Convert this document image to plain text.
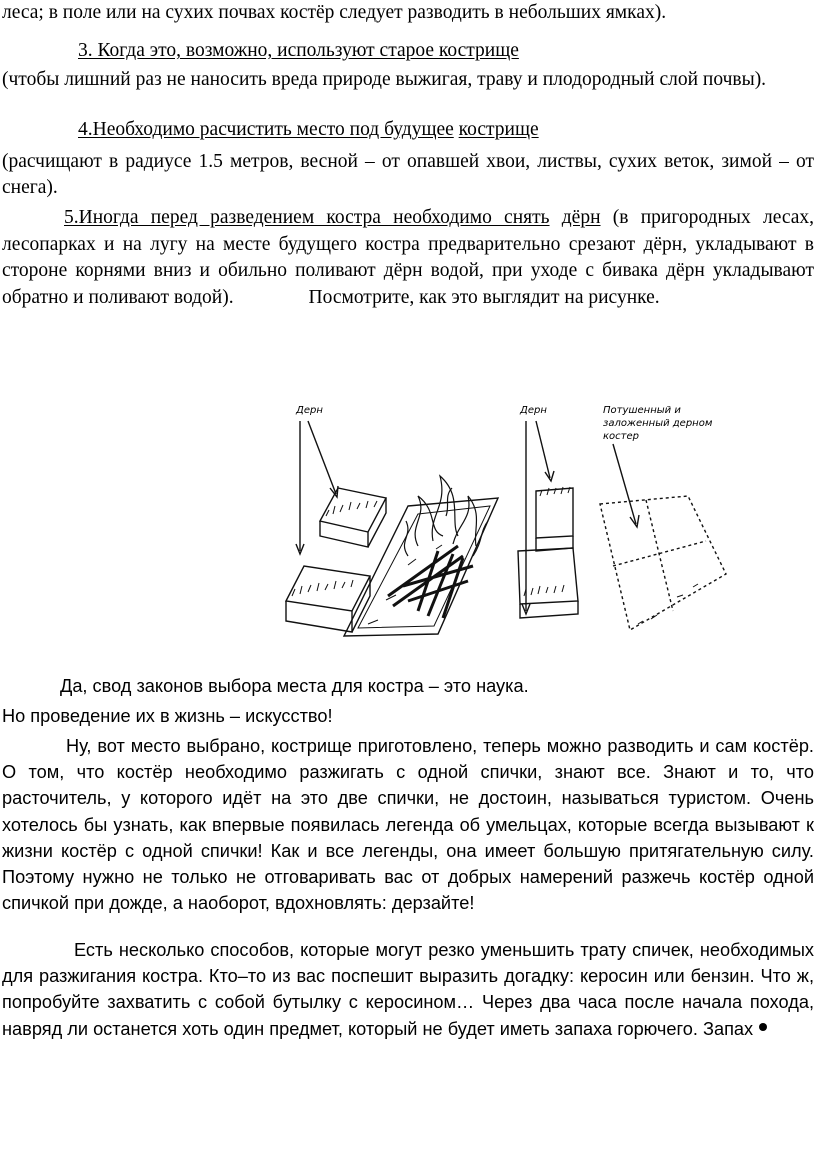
леса; в поле или на сухих почвах костёр следует разводить в небольших ямках).

3. Когда это, возможно, используют старое кострище
(чтобы лишний раз не наносить вреда природе выжигая, траву и плодородный слой почвы).
4.Необходимо расчистить место под будущее кострище
(расчищают в радиусе 1.5 метров, весной – от опавшей хвои, листвы, сухих веток, зимой – от снега).
5.Иногда перед разведением костра необходимо снять дёрн (в пригородных лесах, лесопарках и на лугу на месте будущего костра предварительно срезают дёрн, укладывают в стороне корнями вниз и обильно поливают дёрн водой, при уходе с бивака дёрн укладывают обратно и поливают водой).	Посмотрите, как это выглядит на рисунке.
Дерн	Дерн	Потушенный и
заложенный дерном
костер

Да, свод законов выбора места для костра – это наука.

Но проведение их в жизнь – искусство!

Ну, вот место выбрано, кострище приготовлено, теперь можно разводить и сам костёр. О том, что костёр необходимо разжигать с одной спички, знают все. Знают и то, что расточитель, у которого идёт на это две спички, не достоин, называться туристом. Очень хотелось бы узнать, как впервые появилась легенда об умельцах, которые всегда вызывают к жизни костёр с одной спички! Как и все легенды, она имеет большую притягательную силу. Поэтому нужно не только не отговаривать вас от добрых намерений разжечь костёр одной спичкой при дожде, а наоборот, вдохновлять: дерзайте!

Есть несколько способов, которые могут резко уменьшить трату спичек, необходимых для разжигания костра. Кто–то из вас поспешит выразить догадку: керосин или бензин. Что ж, попробуйте захватить с собой бутылку с керосином… Через два часа после начала похода, навряд ли останется хоть один предмет, который не будет иметь запаха горючего. Запах
